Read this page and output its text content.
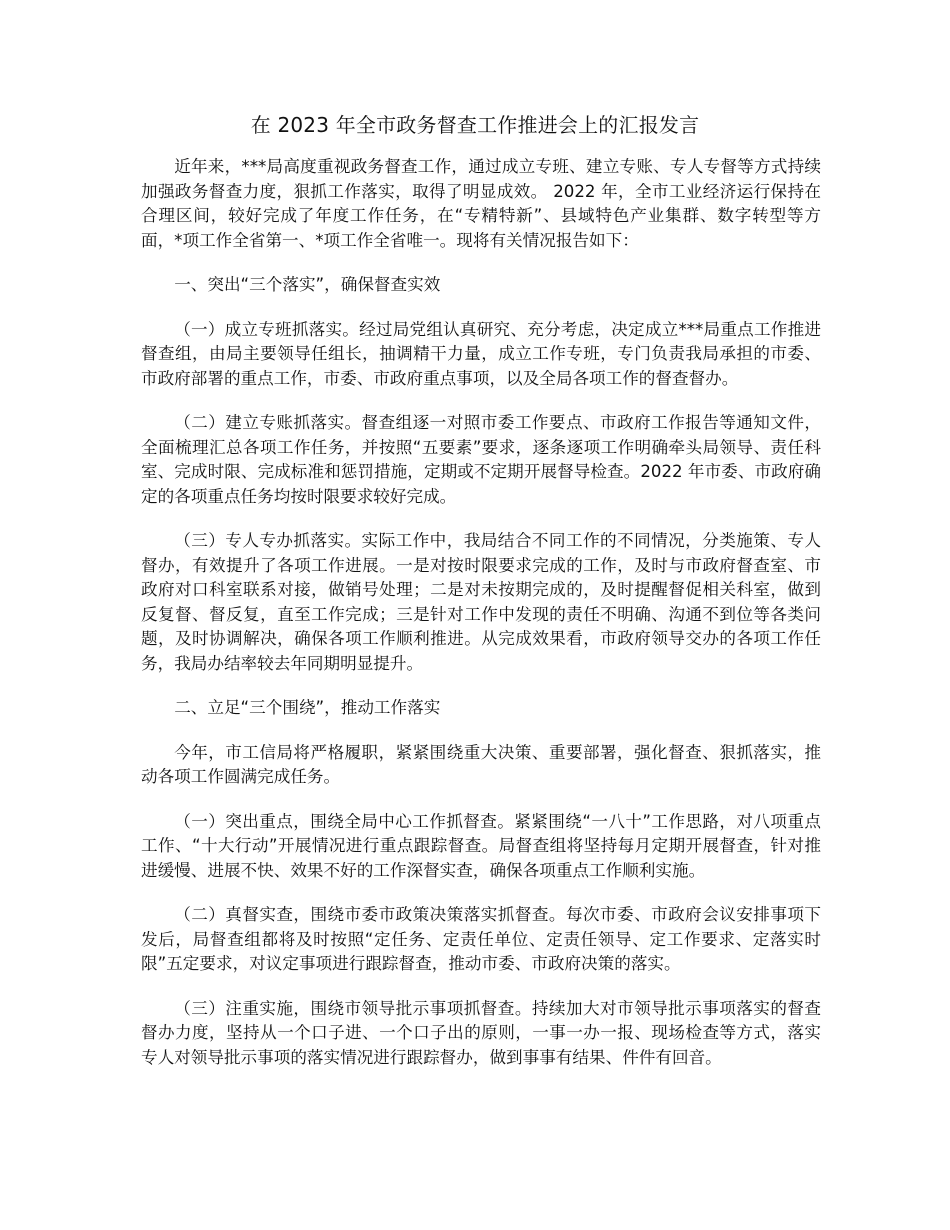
在 2023 年全市政务督查工作推进会上的汇报发言

近年来，***局高度重视政务督查工作，通过成立专班、建立专账、专人专督等方式持续加强政务督查力度，狠抓工作落实，取得了明显成效。 2022 年，全市工业经济运行保持在合理区间，较好完成了年度工作任务，在“专精特新”、县域特色产业集群、数字转型等方面，*项工作全省第一、*项工作全省唯一。现将有关情况报告如下：

一、突出“三个落实”，确保督查实效

（一）成立专班抓落实。经过局党组认真研究、充分考虑，决定成立***局重点工作推进督查组，由局主要领导任组长，抽调精干力量，成立工作专班，专门负责我局承担的市委、市政府部署的重点工作，市委、市政府重点事项，以及全局各项工作的督查督办。

（二）建立专账抓落实。督查组逐一对照市委工作要点、市政府工作报告等通知文件，全面梳理汇总各项工作任务，并按照“五要素”要求，逐条逐项工作明确牵头局领导、责任科室、完成时限、完成标准和惩罚措施，定期或不定期开展督导检查。2022 年市委、市政府确定的各项重点任务均按时限要求较好完成。

（三）专人专办抓落实。实际工作中，我局结合不同工作的不同情况，分类施策、专人督办，有效提升了各项工作进展。一是对按时限要求完成的工作，及时与市政府督查室、市政府对口科室联系对接，做销号处理；二是对未按期完成的，及时提醒督促相关科室，做到反复督、督反复，直至工作完成；三是针对工作中发现的责任不明确、沟通不到位等各类问题，及时协调解决，确保各项工作顺利推进。从完成效果看，市政府领导交办的各项工作任务，我局办结率较去年同期明显提升。

二、立足“三个围绕”，推动工作落实

今年，市工信局将严格履职，紧紧围绕重大决策、重要部署，强化督查、狠抓落实，推动各项工作圆满完成任务。

（一）突出重点，围绕全局中心工作抓督查。紧紧围绕“一八十”工作思路，对八项重点工作、“十大行动”开展情况进行重点跟踪督查。局督查组将坚持每月定期开展督查，针对推进缓慢、进展不快、效果不好的工作深督实查，确保各项重点工作顺利实施。

（二）真督实查，围绕市委市政策决策落实抓督查。每次市委、市政府会议安排事项下发后，局督查组都将及时按照“定任务、定责任单位、定责任领导、定工作要求、定落实时限”五定要求，对议定事项进行跟踪督查，推动市委、市政府决策的落实。

（三）注重实施，围绕市领导批示事项抓督查。持续加大对市领导批示事项落实的督查督办力度，坚持从一个口子进、一个口子出的原则，一事一办一报、现场检查等方式，落实专人对领导批示事项的落实情况进行跟踪督办，做到事事有结果、件件有回音。
